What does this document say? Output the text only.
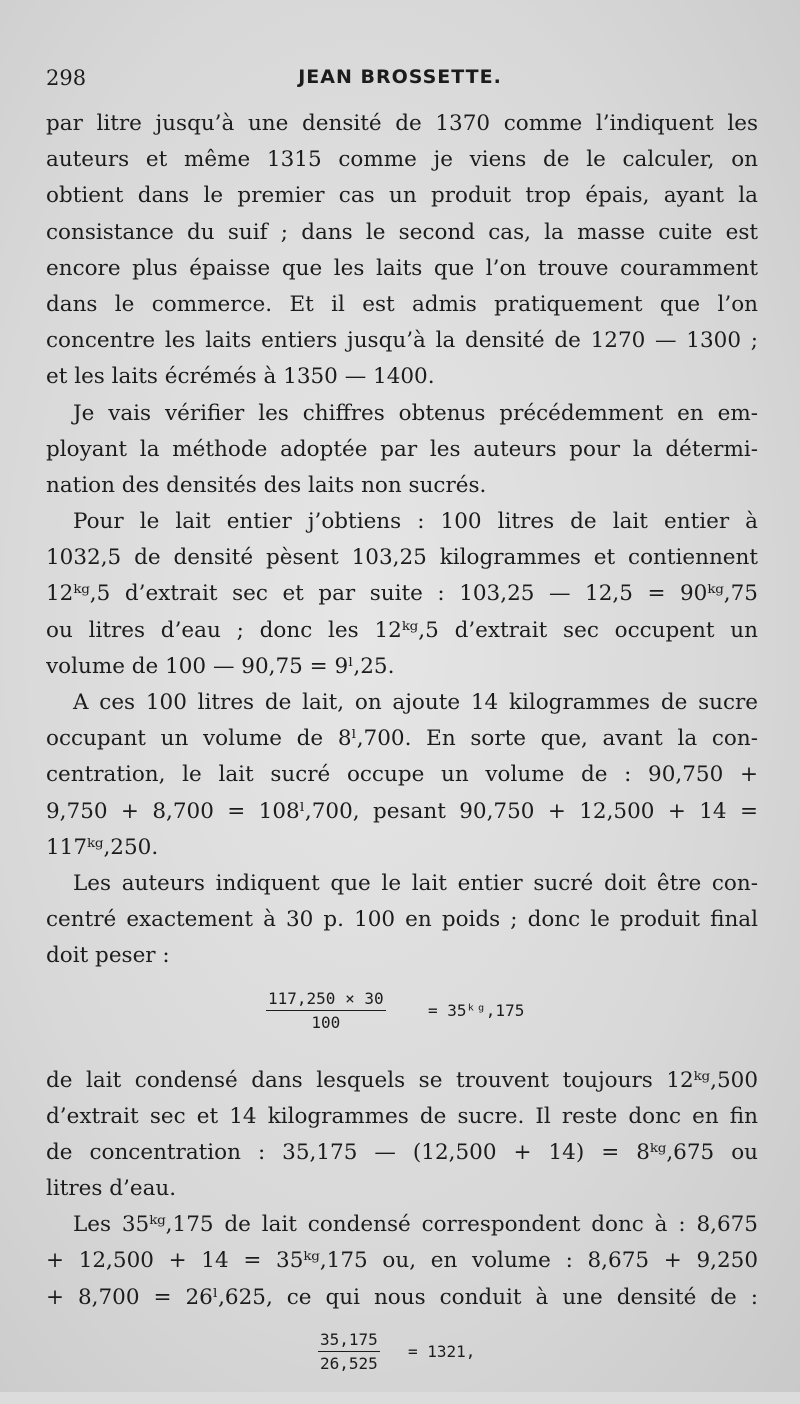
298	JEAN BROSSETTE.
par litre jusqu’à une densité de 1370 comme l’indiquent les
auteurs et même 1315 comme je viens de le calculer, on
obtient dans le premier cas un produit trop épais, ayant la
consistance du suif ; dans le second cas, la masse cuite est
encore plus épaisse que les laits que l’on trouve couramment
dans le commerce. Et il est admis pratiquement que l’on
concentre les laits entiers jusqu’à la densité de 1270 — 1300 ;
et les laits écrémés à 1350 — 1400.
Je vais vérifier les chiffres obtenus précédemment en em-
ployant la méthode adoptée par les auteurs pour la détermi-
nation des densités des laits non sucrés.
Pour le lait entier j’obtiens : 100 litres de lait entier à
1032,5 de densité pèsent 103,25 kilogrammes et contiennent
12ᵏᵍ,5 d’extrait sec et par suite : 103,25 — 12,5 = 90ᵏᵍ,75
ou litres d’eau ; donc les 12ᵏᵍ,5 d’extrait sec occupent un
volume de 100 — 90,75 = 9ˡ,25.
A ces 100 litres de lait, on ajoute 14 kilogrammes de sucre
occupant un volume de 8ˡ,700. En sorte que, avant la con-
centration, le lait sucré occupe un volume de : 90,750 +
9,750 + 8,700 = 108ˡ,700, pesant 90,750 + 12,500 + 14 =
117ᵏᵍ,250.
Les auteurs indiquent que le lait entier sucré doit être con-
centré exactement à 30 p. 100 en poids ; donc le produit final
doit peser :
$\frac{117,250 \times 30}{100}$	= 35ᵏᵍ,175
de lait condensé dans lesquels se trouvent toujours 12ᵏᵍ,500
d’extrait sec et 14 kilogrammes de sucre. Il reste donc en fin
de concentration : 35,175 — (12,500 + 14) = 8ᵏᵍ,675 ou
litres d’eau.
Les 35ᵏᵍ,175 de lait condensé correspondent donc à : 8,675
+ 12,500 + 14 = 35ᵏᵍ,175 ou, en volume : 8,675 + 9,250
+ 8,700 = 26ˡ,625, ce qui nous conduit à une densité de :
$\frac{35,175}{26,525} = 1321$,
